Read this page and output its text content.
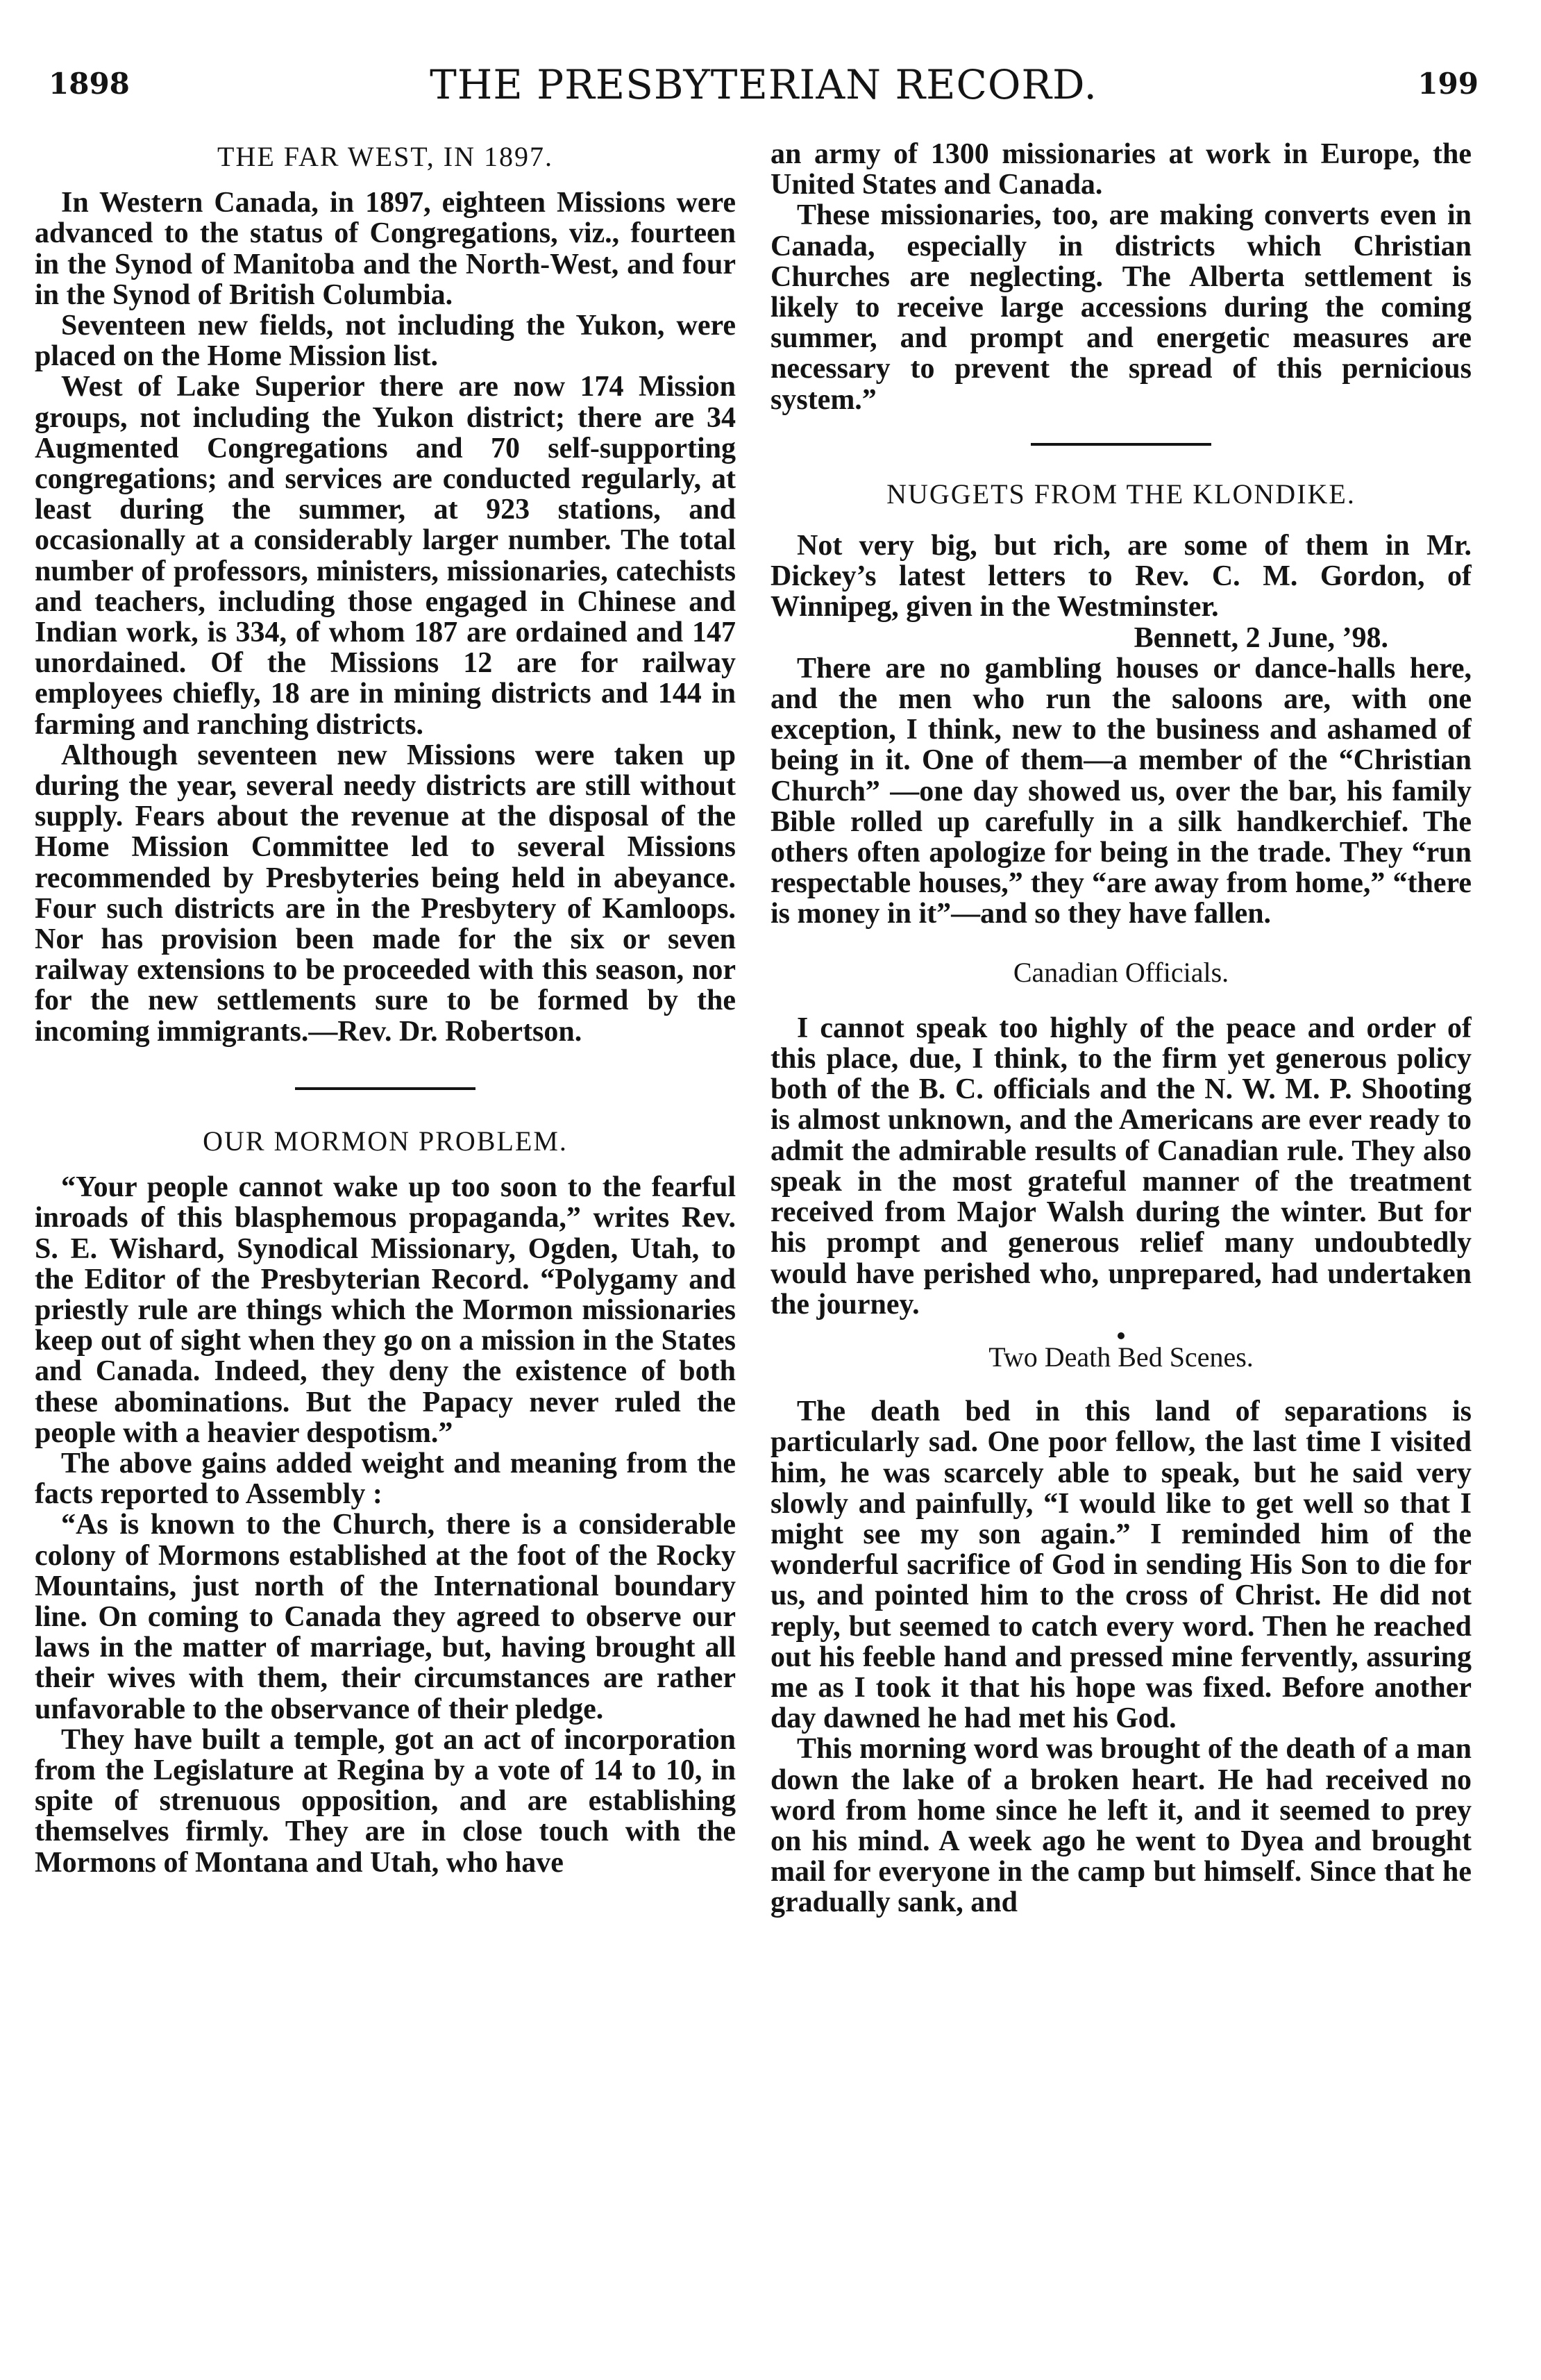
1898	THE PRESBYTERIAN RECORD.	199
THE FAR WEST, IN 1897.

In Western Canada, in 1897, eighteen Missions were advanced to the status of Congregations, viz., fourteen in the Synod of Manitoba and the North-West, and four in the Synod of British Columbia.

Seventeen new fields, not including the Yukon, were placed on the Home Mission list.

West of Lake Superior there are now 174 Mission groups, not including the Yukon district; there are 34 Augmented Congregations and 70 self-supporting congregations; and services are conducted regularly, at least during the summer, at 923 stations, and occasionally at a considerably larger number. The total number of professors, ministers, missionaries, catechists and teachers, including those engaged in Chinese and Indian work, is 334, of whom 187 are ordained and 147 unordained. Of the Missions 12 are for railway employees chiefly, 18 are in mining districts and 144 in farming and ranching districts.

Although seventeen new Missions were taken up during the year, several needy districts are still without supply. Fears about the revenue at the disposal of the Home Mission Committee led to several Missions recommended by Presbyteries being held in abeyance. Four such districts are in the Presbytery of Kamloops. Nor has provision been made for the six or seven railway extensions to be proceeded with this season, nor for the new settlements sure to be formed by the incoming immigrants.—Rev. Dr. Robertson.

OUR MORMON PROBLEM.

“Your people cannot wake up too soon to the fearful inroads of this blasphemous propaganda,” writes Rev. S. E. Wishard, Synodical Missionary, Ogden, Utah, to the Editor of the Presbyterian Record. “Polygamy and priestly rule are things which the Mormon missionaries keep out of sight when they go on a mission in the States and Canada. Indeed, they deny the existence of both these abominations. But the Papacy never ruled the people with a heavier despotism.”

The above gains added weight and meaning from the facts reported to Assembly :

“As is known to the Church, there is a considerable colony of Mormons established at the foot of the Rocky Mountains, just north of the International boundary line. On coming to Canada they agreed to observe our laws in the matter of marriage, but, having brought all their wives with them, their circumstances are rather unfavorable to the observance of their pledge.

They have built a temple, got an act of incorporation from the Legislature at Regina by a vote of 14 to 10, in spite of strenuous opposition, and are establishing themselves firmly. They are in close touch with the Mormons of Montana and Utah, who have

an army of 1300 missionaries at work in Europe, the United States and Canada.

These missionaries, too, are making converts even in Canada, especially in districts which Christian Churches are neglecting. The Alberta settlement is likely to receive large accessions during the coming summer, and prompt and energetic measures are necessary to prevent the spread of this pernicious system.”

NUGGETS FROM THE KLONDIKE.

Not very big, but rich, are some of them in Mr. Dickey’s latest letters to Rev. C. M. Gordon, of Winnipeg, given in the Westminster.

Bennett, 2 June, ’98.

There are no gambling houses or dance-halls here, and the men who run the saloons are, with one exception, I think, new to the business and ashamed of being in it. One of them—a member of the “Christian Church” —one day showed us, over the bar, his family Bible rolled up carefully in a silk handkerchief. The others often apologize for being in the trade. They “run respectable houses,” they “are away from home,” “there is money in it”—and so they have fallen.

Canadian Officials.

I cannot speak too highly of the peace and order of this place, due, I think, to the firm yet generous policy both of the B. C. officials and the N. W. M. P. Shooting is almost unknown, and the Americans are ever ready to admit the admirable results of Canadian rule. They also speak in the most grateful manner of the treatment received from Major Walsh during the winter. But for his prompt and generous relief many undoubtedly would have perished who, unprepared, had undertaken the journey.

Two Death Bed Scenes.

The death bed in this land of separations is particularly sad. One poor fellow, the last time I visited him, he was scarcely able to speak, but he said very slowly and painfully, “I would like to get well so that I might see my son again.” I reminded him of the wonderful sacrifice of God in sending His Son to die for us, and pointed him to the cross of Christ. He did not reply, but seemed to catch every word. Then he reached out his feeble hand and pressed mine fervently, assuring me as I took it that his hope was fixed. Before another day dawned he had met his God.

This morning word was brought of the death of a man down the lake of a broken heart. He had received no word from home since he left it, and it seemed to prey on his mind. A week ago he went to Dyea and brought mail for everyone in the camp but himself. Since that he gradually sank, and
